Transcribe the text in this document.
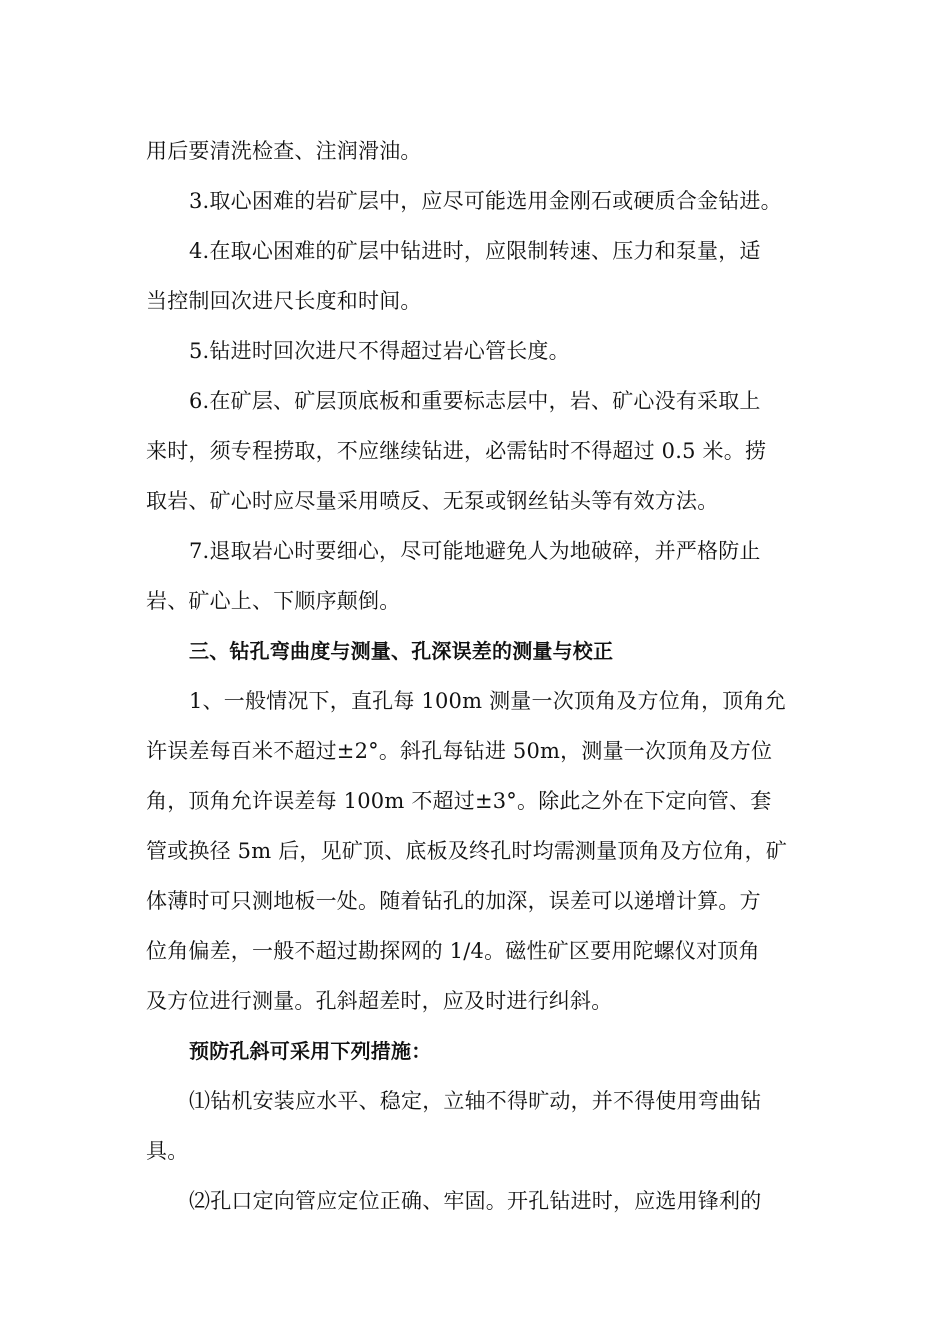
用后要清洗检查、注润滑油。
3.取心困难的岩矿层中，应尽可能选用金刚石或硬质合金钻进。
4.在取心困难的矿层中钻进时，应限制转速、压力和泵量，适
当控制回次进尺长度和时间。
5.钻进时回次进尺不得超过岩心管长度。
6.在矿层、矿层顶底板和重要标志层中，岩、矿心没有采取上
来时，须专程捞取，不应继续钻进，必需钻时不得超过 0.5 米。捞
取岩、矿心时应尽量采用喷反、无泵或钢丝钻头等有效方法。
7.退取岩心时要细心，尽可能地避免人为地破碎，并严格防止
岩、矿心上、下顺序颠倒。
三、钻孔弯曲度与测量、孔深误差的测量与校正
1、一般情况下，直孔每 100m 测量一次顶角及方位角，顶角允
许误差每百米不超过±2°。斜孔每钻进 50m，测量一次顶角及方位
角，顶角允许误差每 100m 不超过±3°。除此之外在下定向管、套
管或换径 5m 后，见矿顶、底板及终孔时均需测量顶角及方位角，矿
体薄时可只测地板一处。随着钻孔的加深，误差可以递增计算。方
位角偏差，一般不超过勘探网的 1/4。磁性矿区要用陀螺仪对顶角
及方位进行测量。孔斜超差时，应及时进行纠斜。
预防孔斜可采用下列措施：
⑴钻机安装应水平、稳定，立轴不得旷动，并不得使用弯曲钻
具。
⑵孔口定向管应定位正确、牢固。开孔钻进时，应选用锋利的
